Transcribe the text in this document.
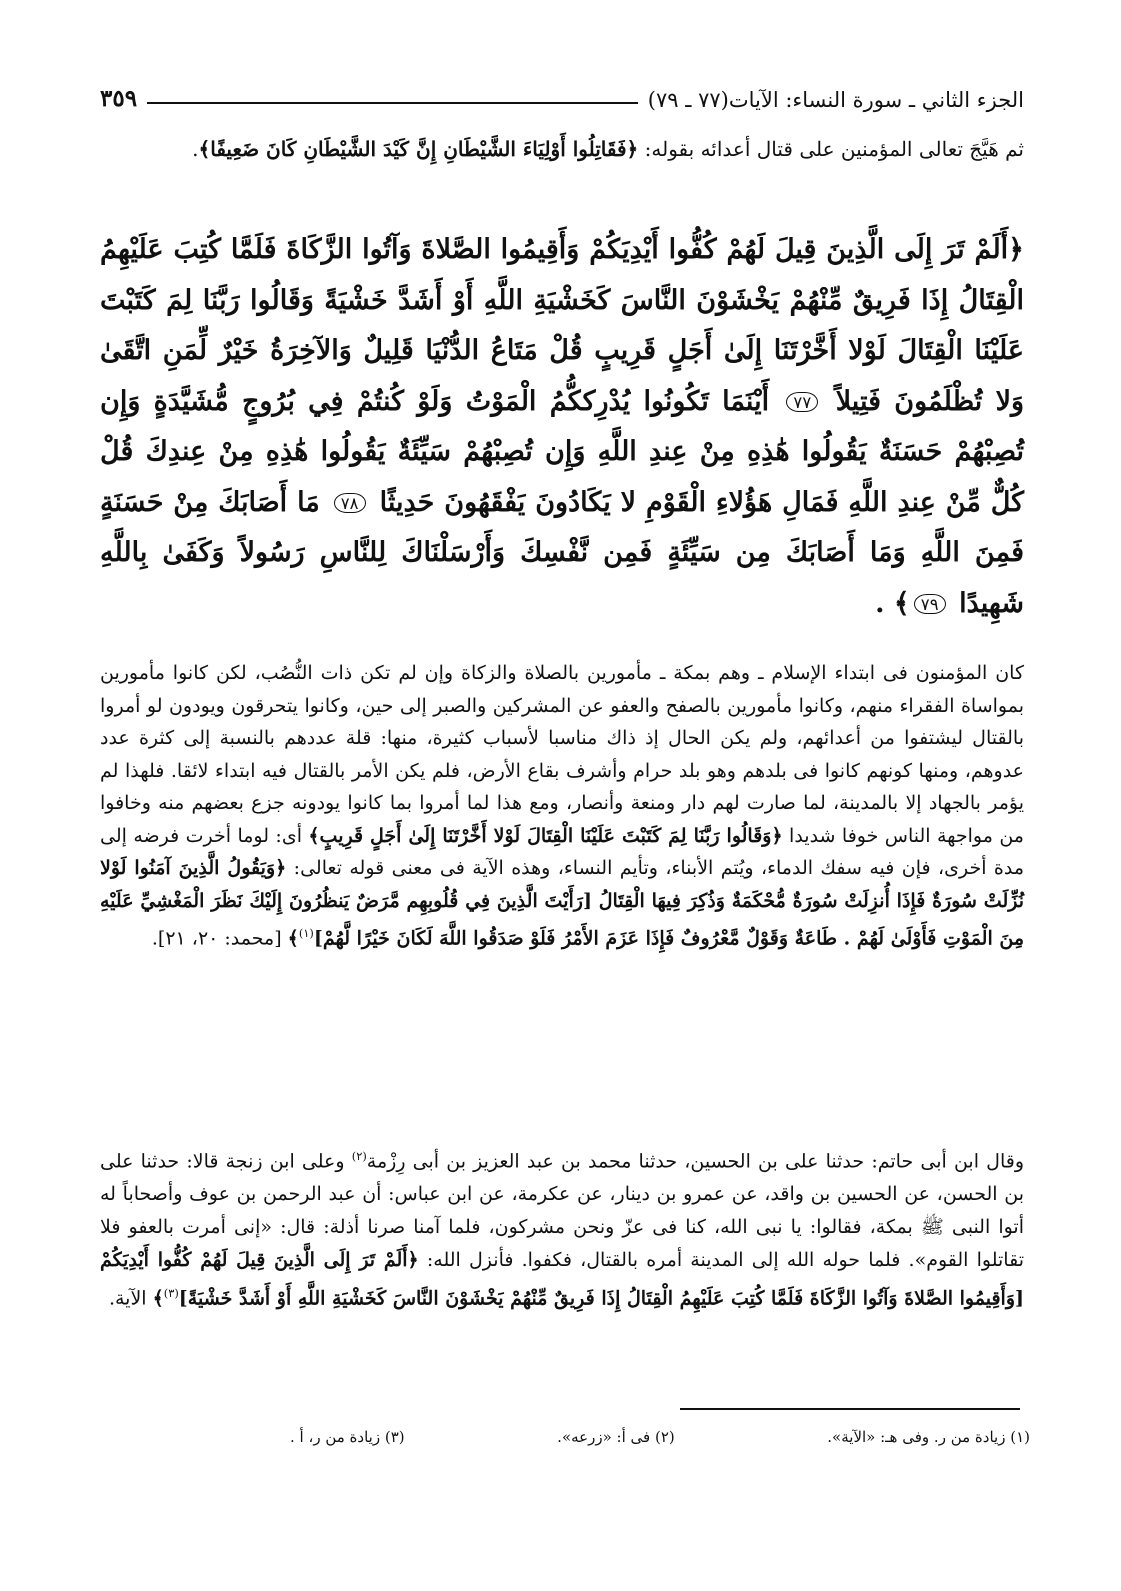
الجزء الثاني ـ سورة النساء: الآيات(٧٧ ـ ٧٩)
٣٥٩
ثم هَيَّجَ تعالى المؤمنين على قتال أعدائه بقوله: ﴿فَقَاتِلُوا أَوْلِيَاءَ الشَّيْطَانِ إِنَّ كَيْدَ الشَّيْطَانِ كَانَ ضَعِيفًا﴾.
﴿أَلَمْ تَرَ إِلَى الَّذِينَ قِيلَ لَهُمْ كُفُّوا أَيْدِيَكُمْ وَأَقِيمُوا الصَّلاةَ وَآتُوا الزَّكَاةَ فَلَمَّا كُتِبَ عَلَيْهِمُ الْقِتَالُ إِذَا فَرِيقٌ مِّنْهُمْ يَخْشَوْنَ النَّاسَ كَخَشْيَةِ اللَّهِ أَوْ أَشَدَّ خَشْيَةً وَقَالُوا رَبَّنَا لِمَ كَتَبْتَ عَلَيْنَا الْقِتَالَ لَوْلا أَخَّرْتَنَا إِلَىٰ أَجَلٍ قَرِيبٍ قُلْ مَتَاعُ الدُّنْيَا قَلِيلٌ وَالآخِرَةُ خَيْرٌ لِّمَنِ اتَّقَىٰ وَلا تُظْلَمُونَ فَتِيلاً ٧٧ أَيْنَمَا تَكُونُوا يُدْرِككُّمُ الْمَوْتُ وَلَوْ كُنتُمْ فِي بُرُوجٍ مُّشَيَّدَةٍ وَإِن تُصِبْهُمْ حَسَنَةٌ يَقُولُوا هَٰذِهِ مِنْ عِندِ اللَّهِ وَإِن تُصِبْهُمْ سَيِّئَةٌ يَقُولُوا هَٰذِهِ مِنْ عِندِكَ قُلْ كُلٌّ مِّنْ عِندِ اللَّهِ فَمَالِ هَؤُلاءِ الْقَوْمِ لا يَكَادُونَ يَفْقَهُونَ حَدِيثًا ٧٨ مَا أَصَابَكَ مِنْ حَسَنَةٍ فَمِنَ اللَّهِ وَمَا أَصَابَكَ مِن سَيِّئَةٍ فَمِن نَّفْسِكَ وَأَرْسَلْنَاكَ لِلنَّاسِ رَسُولاً وَكَفَىٰ بِاللَّهِ شَهِيدًا ٧٩﴾ .
كان المؤمنون فى ابتداء الإسلام ـ وهم بمكة ـ مأمورين بالصلاة والزكاة وإن لم تكن ذات النُّصُب، لكن كانوا مأمورين بمواساة الفقراء منهم، وكانوا مأمورين بالصفح والعفو عن المشركين والصبر إلى حين، وكانوا يتحرقون ويودون لو أمروا بالقتال ليشتفوا من أعدائهم، ولم يكن الحال إذ ذاك مناسبا لأسباب كثيرة، منها: قلة عددهم بالنسبة إلى كثرة عدد عدوهم، ومنها كونهم كانوا فى بلدهم وهو بلد حرام وأشرف بقاع الأرض، فلم يكن الأمر بالقتال فيه ابتداء لائقا. فلهذا لم يؤمر بالجهاد إلا بالمدينة، لما صارت لهم دار ومنعة وأنصار، ومع هذا لما أمروا بما كانوا يودونه جزع بعضهم منه وخافوا من مواجهة الناس خوفا شديدا ﴿وَقَالُوا رَبَّنَا لِمَ كَتَبْتَ عَلَيْنَا الْقِتَالَ لَوْلا أَخَّرْتَنَا إِلَىٰ أَجَلٍ قَرِيبٍ﴾ أى: لوما أخرت فرضه إلى مدة أخرى، فإن فيه سفك الدماء، ويُتم الأبناء، وتأيم النساء، وهذه الآية فى معنى قوله تعالى: ﴿وَيَقُولُ الَّذِينَ آمَنُوا لَوْلا نُزِّلَتْ سُورَةٌ فَإِذَا أُنزِلَتْ سُورَةٌ مُّحْكَمَةٌ وَذُكِرَ فِيهَا الْقِتَالُ [رَأَيْتَ الَّذِينَ فِي قُلُوبِهِم مَّرَضٌ يَنظُرُونَ إِلَيْكَ نَظَرَ الْمَغْشِيِّ عَلَيْهِ مِنَ الْمَوْتِ فَأَوْلَىٰ لَهُمْ . طَاعَةٌ وَقَوْلٌ مَّعْرُوفٌ فَإِذَا عَزَمَ الأَمْرُ فَلَوْ صَدَقُوا اللَّهَ لَكَانَ خَيْرًا لَّهُمْ]$^{(١)}$﴾ [محمد: ٢٠، ٢١].
وقال ابن أبى حاتم: حدثنا على بن الحسين، حدثنا محمد بن عبد العزيز بن أبى رِزْمة$^{(٢)}$ وعلى ابن زنجة قالا: حدثنا على بن الحسن، عن الحسين بن واقد، عن عمرو بن دينار، عن عكرمة، عن ابن عباس: أن عبد الرحمن بن عوف وأصحاباً له أتوا النبى ﷺ بمكة، فقالوا: يا نبى الله، كنا فى عزّ ونحن مشركون، فلما آمنا صرنا أذلة: قال: «إنى أمرت بالعفو فلا تقاتلوا القوم». فلما حوله الله إلى المدينة أمره بالقتال، فكفوا. فأنزل الله: ﴿أَلَمْ تَرَ إِلَى الَّذِينَ قِيلَ لَهُمْ كُفُّوا أَيْدِيَكُمْ [وَأَقِيمُوا الصَّلاةَ وَآتُوا الزَّكَاةَ فَلَمَّا كُتِبَ عَلَيْهِمُ الْقِتَالُ إِذَا فَرِيقٌ مِّنْهُمْ يَخْشَوْنَ النَّاسَ كَخَشْيَةِ اللَّهِ أَوْ أَشَدَّ خَشْيَةً]$^{(٣)}$﴾ الآية.
(١) زيادة من ر. وفى هـ: «الآية».
(٢) فى أ: «زرعه».
(٣) زيادة من ر، أ .
